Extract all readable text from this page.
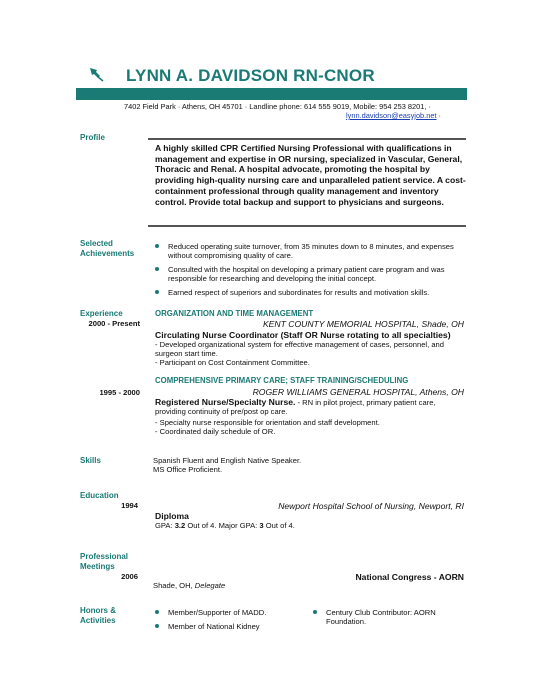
LYNN A. DAVIDSON RN-CNOR
7402 Field Park · Athens, OH 45701 · Landline phone: 614 555 9019, Mobile: 954 253 8201, ·
lynn.davidson@easyjob.net ·
Profile
A highly skilled CPR Certified Nursing Professional with qualifications in management and expertise in OR nursing, specialized in Vascular, General, Thoracic and Renal. A hospital advocate, promoting the hospital by providing high-quality nursing care and unparalleled patient service. A cost-containment professional through quality management and inventory control. Provide total backup and support to physicians and surgeons.
Selected
Achievements
Reduced operating suite turnover, from 35 minutes down to 8 minutes, and expenses without compromising quality of care.
Consulted with the hospital on developing a primary patient care program and was responsible for researching and developing the initial concept.
Earned respect of superiors and subordinates for results and motivation skills.
Experience
2000 - Present
ORGANIZATION AND TIME MANAGEMENT
KENT COUNTY MEMORIAL HOSPITAL, Shade, OH
Circulating Nurse Coordinator (Staff OR Nurse rotating to all specialties)
- Developed organizational system for effective management of cases, personnel, and surgeon start time.
- Participant on Cost Containment Committee.
COMPREHENSIVE PRIMARY CARE; STAFF TRAINING/SCHEDULING
1995 - 2000	ROGER WILLIAMS GENERAL HOSPITAL, Athens, OH
Registered Nurse/Specialty Nurse. - RN in pilot project, primary patient care, providing continuity of pre/post op care.
- Specialty nurse responsible for orientation and staff development.
- Coordinated daily schedule of OR.
Skills	Spanish Fluent and English Native Speaker.
MS Office Proficient.
Education
1994	Newport Hospital School of Nursing, Newport, RI
Diploma
GPA: 3.2 Out of 4. Major GPA: 3 Out of 4.
Professional
Meetings
2006	National Congress - AORN
Shade, OH, Delegate
Honors &
Activities
Member/Supporter of MADD.
Member of National Kidney
Century Club Contributor: AORN Foundation.
